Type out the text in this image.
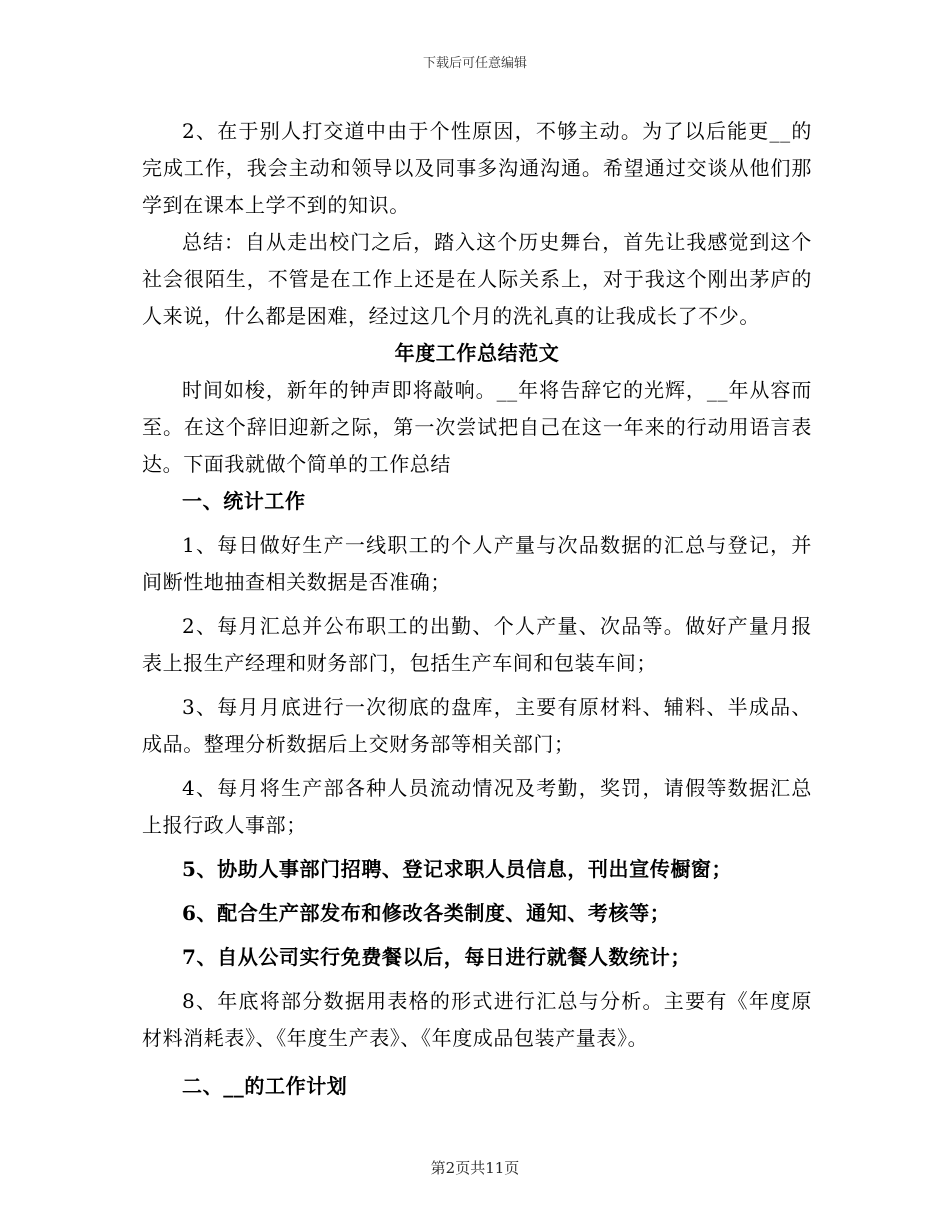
下载后可任意编辑

2、在于别人打交道中由于个性原因，不够主动。为了以后能更__的完成工作，我会主动和领导以及同事多沟通沟通。希望通过交谈从他们那学到在课本上学不到的知识。

总结：自从走出校门之后，踏入这个历史舞台，首先让我感觉到这个社会很陌生，不管是在工作上还是在人际关系上，对于我这个刚出茅庐的人来说，什么都是困难，经过这几个月的洗礼真的让我成长了不少。

年度工作总结范文

时间如梭，新年的钟声即将敲响。__年将告辞它的光辉，__年从容而至。在这个辞旧迎新之际，第一次尝试把自己在这一年来的行动用语言表达。下面我就做个简单的工作总结

一、统计工作

1、每日做好生产一线职工的个人产量与次品数据的汇总与登记，并间断性地抽查相关数据是否准确；

2、每月汇总并公布职工的出勤、个人产量、次品等。做好产量月报表上报生产经理和财务部门，包括生产车间和包装车间；

3、每月月底进行一次彻底的盘库，主要有原材料、辅料、半成品、成品。整理分析数据后上交财务部等相关部门；

4、每月将生产部各种人员流动情况及考勤，奖罚，请假等数据汇总上报行政人事部；

5、协助人事部门招聘、登记求职人员信息，刊出宣传橱窗；

6、配合生产部发布和修改各类制度、通知、考核等；

7、自从公司实行免费餐以后，每日进行就餐人数统计；

8、年底将部分数据用表格的形式进行汇总与分析。主要有《年度原材料消耗表》、《年度生产表》、《年度成品包装产量表》。

二、__的工作计划

第2页共11页
